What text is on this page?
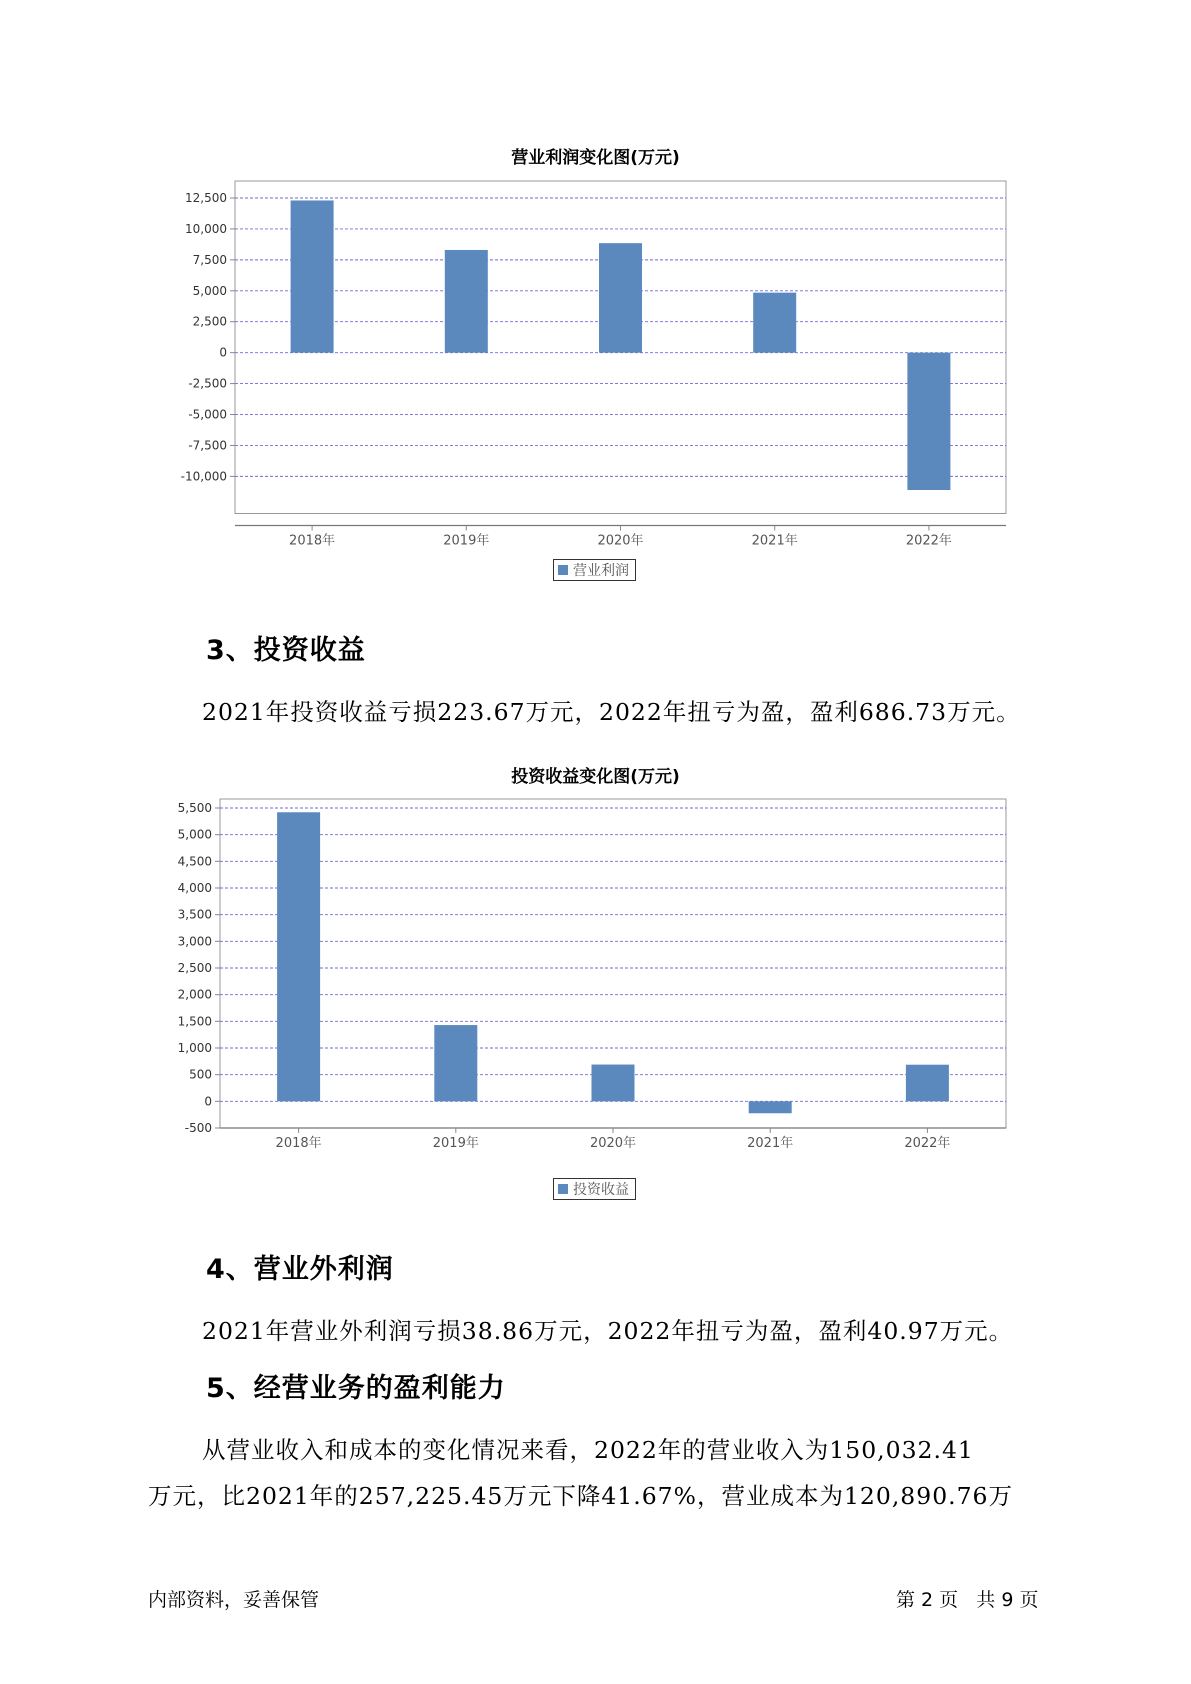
营业利润变化图(万元)
12,500
10,000
7,500
5,000
2,500
0
-2,500
-5,000
-7,500
-10,000
2018年	2019年	2020年	2021年	2022年
营业利润
3、投资收益
2021年投资收益亏损223.67万元，2022年扭亏为盈，盈利686.73万元。
投资收益变化图(万元)
5,500
5,000
4,500
4,000
3,500
3,000
2,500
2,000
1,500
1,000
500
0
-500
2018年	2019年	2020年	2021年	2022年
投资收益
4、营业外利润
2021年营业外利润亏损38.86万元，2022年扭亏为盈，盈利40.97万元。
5、经营业务的盈利能力
从营业收入和成本的变化情况来看，2022年的营业收入为150,032.41
万元，比2021年的257,225.45万元下降41.67%，营业成本为120,890.76万
内部资料，妥善保管	第 2 页   共 9 页
